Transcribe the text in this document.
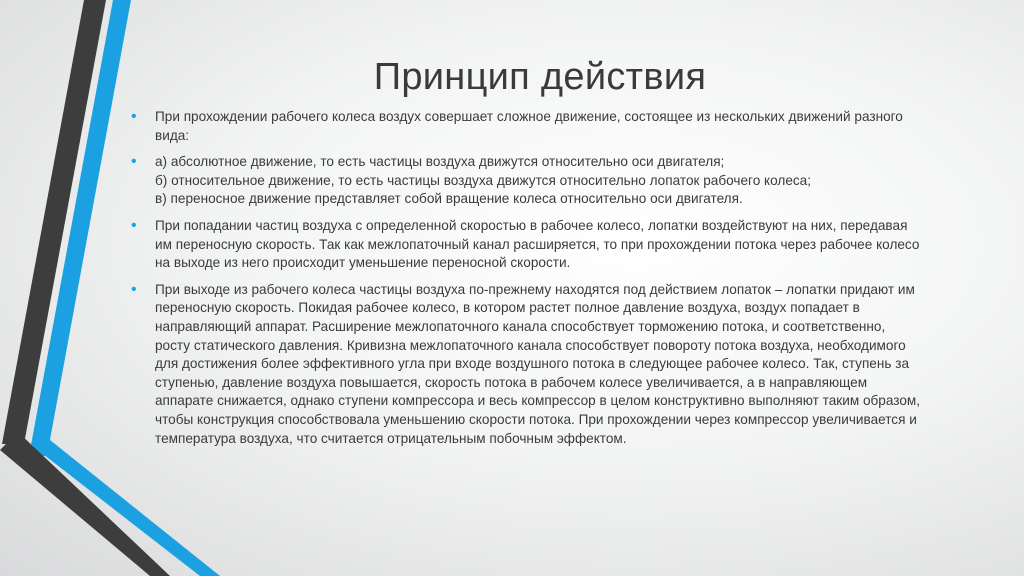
Принцип действия
• При прохождении рабочего колеса воздух совершает сложное движение, состоящее из нескольких движений разного вида:
• а) абсолютное движение, то есть частицы воздуха движутся относительно оси двигателя;
б) относительное движение, то есть частицы воздуха движутся относительно лопаток рабочего колеса;
в) переносное движение представляет собой вращение колеса относительно оси двигателя.
• При попадании частиц воздуха с определенной скоростью в рабочее колесо, лопатки воздействуют на них, передавая им переносную скорость. Так как межлопаточный канал расширяется, то при прохождении потока через рабочее колесо на выходе из него происходит уменьшение переносной скорости.
• При выходе из рабочего колеса частицы воздуха по-прежнему находятся под действием лопаток – лопатки придают им переносную скорость. Покидая рабочее колесо, в котором растет полное давление воздуха, воздух попадает в направляющий аппарат. Расширение межлопаточного канала способствует торможению потока, и соответственно, росту статического давления. Кривизна межлопаточного канала способствует повороту потока воздуха, необходимого для достижения более эффективного угла при входе воздушного потока в следующее рабочее колесо. Так, ступень за ступенью, давление воздуха повышается, скорость потока в рабочем колесе увеличивается, а в направляющем аппарате снижается, однако ступени компрессора и весь компрессор в целом конструктивно выполняют таким образом, чтобы конструкция способствовала уменьшению скорости потока. При прохождении через компрессор увеличивается и температура воздуха, что считается отрицательным побочным эффектом.
